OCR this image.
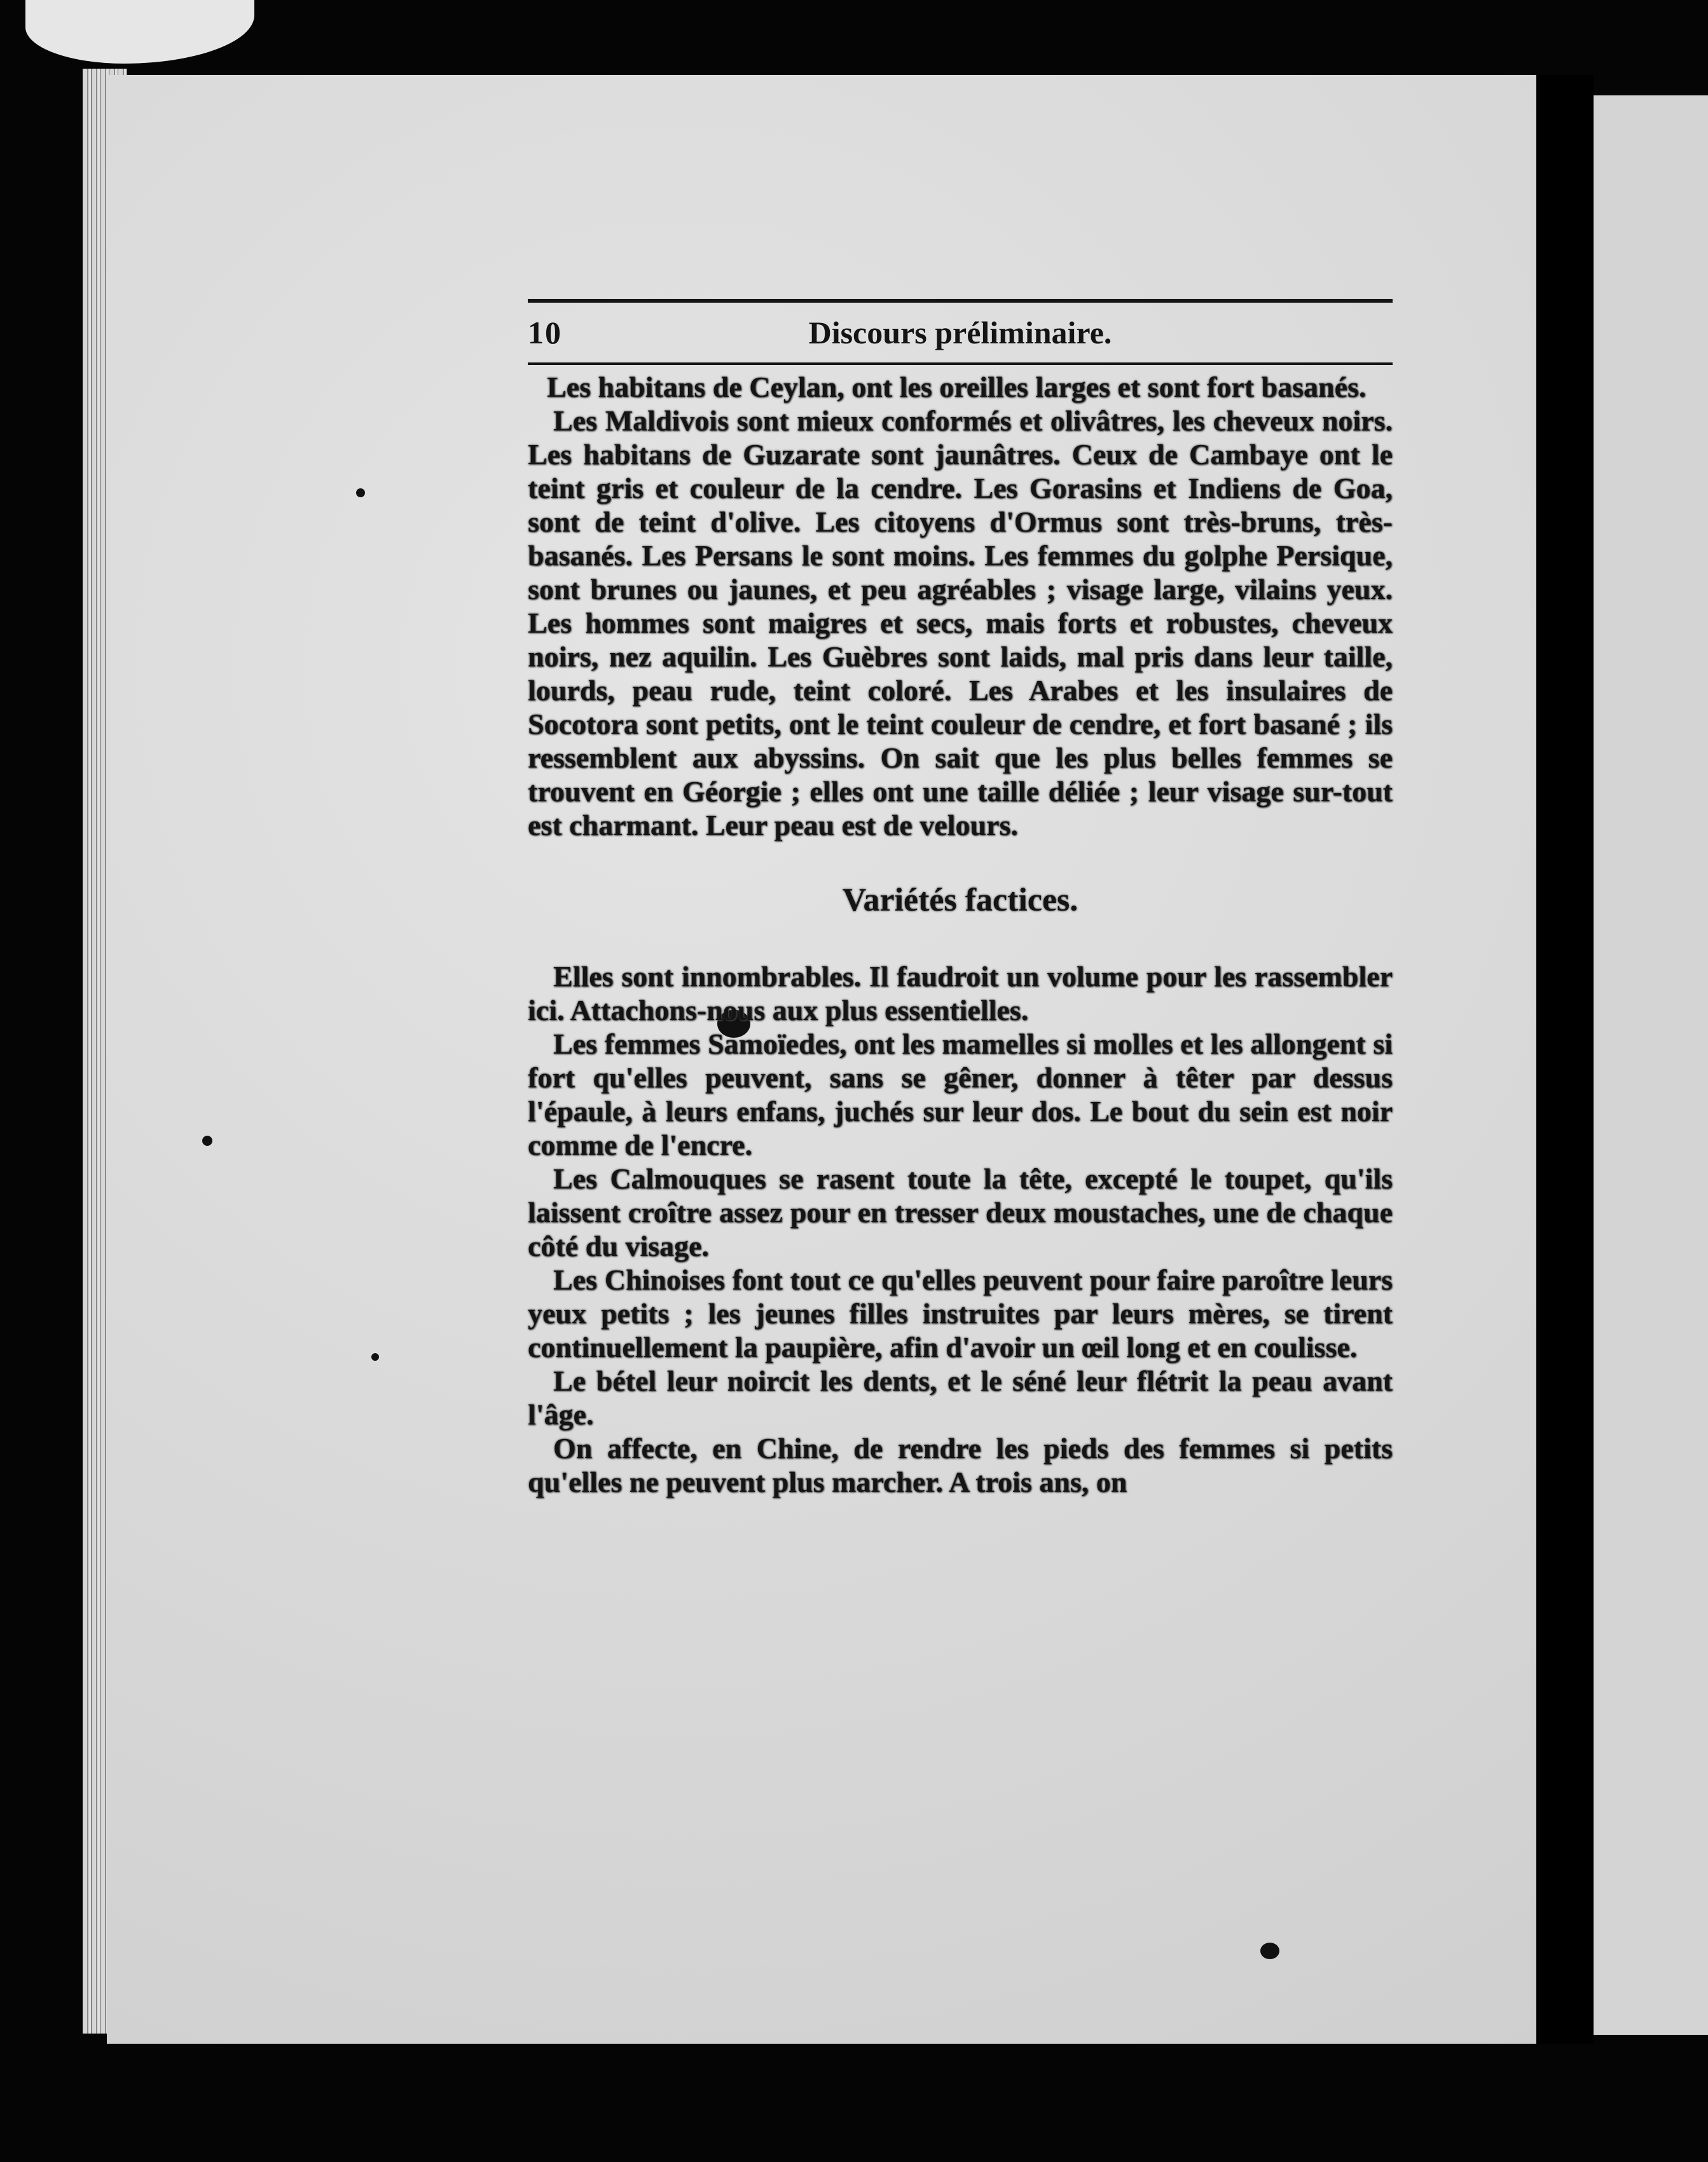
10	Discours préliminaire.

Les habitans de Ceylan, ont les oreilles larges et sont fort basanés.

Les Maldivois sont mieux conformés et olivâtres, les cheveux noirs. Les habitans de Guzarate sont jaunâtres. Ceux de Cambaye ont le teint gris et couleur de la cendre. Les Gorasins et Indiens de Goa, sont de teint d'olive. Les citoyens d'Ormus sont très-bruns, très-basanés. Les Persans le sont moins. Les femmes du golphe Persique, sont brunes ou jaunes, et peu agréables ; visage large, vilains yeux. Les hommes sont maigres et secs, mais forts et robustes, cheveux noirs, nez aquilin. Les Guèbres sont laids, mal pris dans leur taille, lourds, peau rude, teint coloré. Les Arabes et les insulaires de Socotora sont petits, ont le teint couleur de cendre, et fort basané ; ils ressemblent aux abyssins. On sait que les plus belles femmes se trouvent en Géorgie ; elles ont une taille déliée ; leur visage sur-tout est charmant. Leur peau est de velours.

Variétés factices.

Elles sont innombrables. Il faudroit un volume pour les rassembler ici. Attachons-nous aux plus essentielles.

Les femmes Samoïedes, ont les mamelles si molles et les allongent si fort qu'elles peuvent, sans se gêner, donner à têter par dessus l'épaule, à leurs enfans, juchés sur leur dos. Le bout du sein est noir comme de l'encre.

Les Calmouques se rasent toute la tête, excepté le toupet, qu'ils laissent croître assez pour en tresser deux moustaches, une de chaque côté du visage.

Les Chinoises font tout ce qu'elles peuvent pour faire paroître leurs yeux petits ; les jeunes filles instruites par leurs mères, se tirent continuellement la paupière, afin d'avoir un œil long et en coulisse.

Le bétel leur noircit les dents, et le séné leur flétrit la peau avant l'âge.

On affecte, en Chine, de rendre les pieds des femmes si petits qu'elles ne peuvent plus marcher. A trois ans, on
